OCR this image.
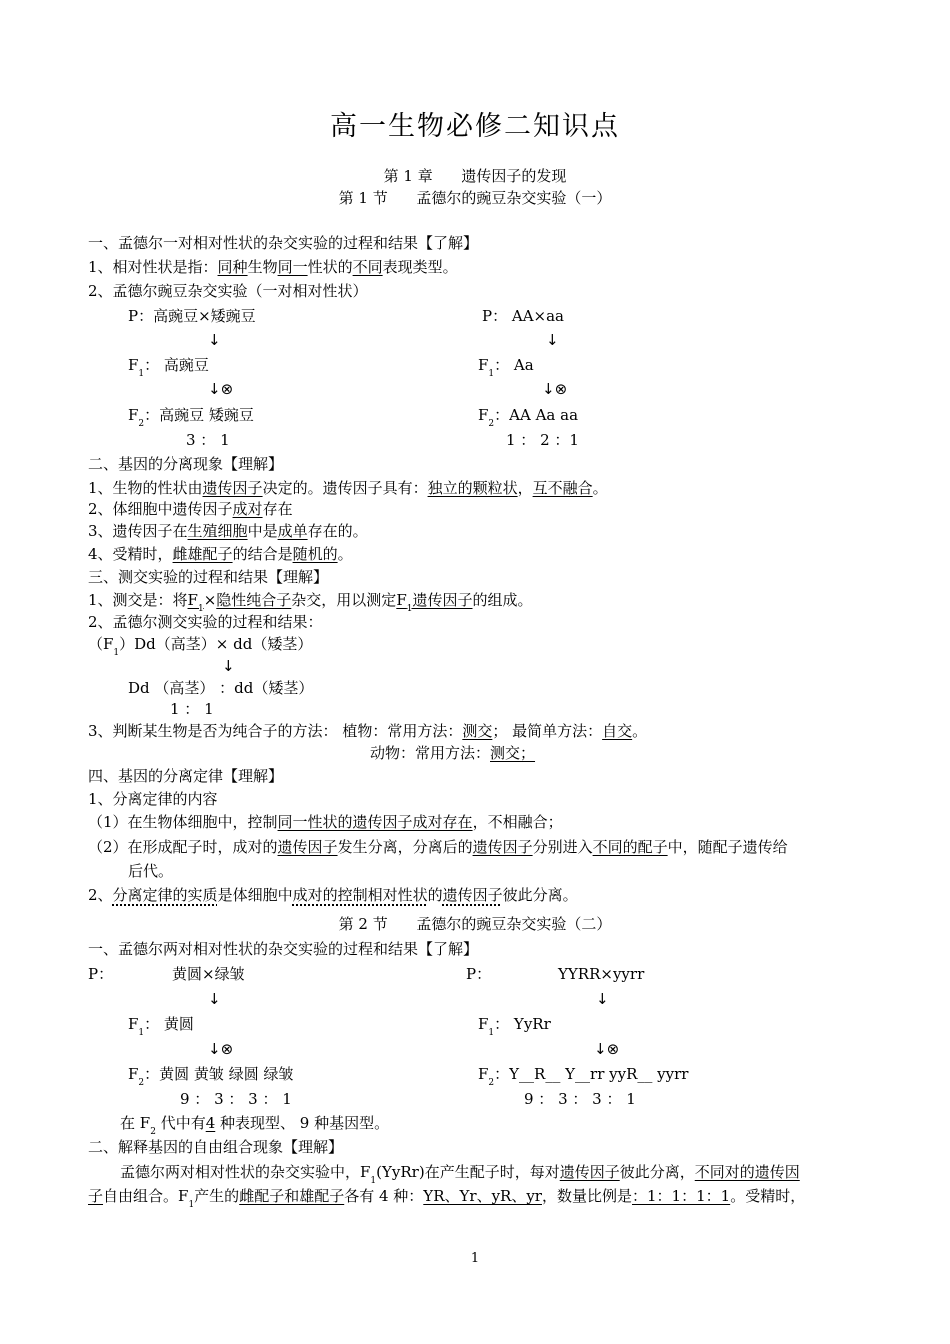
高一生物必修二知识点
第 1 章 遗传因子的发现
第 1 节 孟德尔的豌豆杂交实验（一）
一、孟德尔一对相对性状的杂交实验的过程和结果【了解】
1、相对性状是指：同种生物同一性状的不同表现类型。
2、孟德尔豌豆杂交实验（一对相对性状）
P：高豌豆×矮豌豆	P： AA×aa
↓	↓
$F_1$： 高豌豆	$F_1$： Aa
↓⊗	↓⊗
$F_2$：高豌豆 矮豌豆	$F_2$：AA Aa aa
3 ： 1	1 ： 2 ：1
二、基因的分离现象【理解】
1、生物的性状由遗传因子决定的。遗传因子具有：独立的颗粒状，互不融合。
2、体细胞中遗传因子成对存在
3、遗传因子在生殖细胞中是成单存在的。
4、受精时，雌雄配子的结合是随机的。
三、测交实验的过程和结果【理解】
1、测交是：将$F_1\times$隐性纯合子杂交，用以测定$F_1$遗传因子的组成。
2、孟德尔测交实验的过程和结果：
$(F_1)Dd$（高茎）× dd（矮茎）
↓
Dd （高茎） ：dd（矮茎）
1 ： 1
3、判断某生物是否为纯合子的方法： 植物：常用方法：测交； 最简单方法：自交。
动物：常用方法：测交；
四、基因的分离定律【理解】
1、分离定律的内容
（1）在生物体细胞中，控制同一性状的遗传因子成对存在，不相融合；
（2）在形成配子时，成对的遗传因子发生分离，分离后的遗传因子分别进入不同的配子中，随配子遗传给
后代。
2、分离定律的实质是体细胞中成对的控制相对性状的遗传因子彼此分离。
第 2 节 孟德尔的豌豆杂交实验（二）
一、孟德尔两对相对性状的杂交实验的过程和结果【了解】
P：	黄圆×绿皱	P：	YYRR×yyrr
↓	↓
$F_1$： 黄圆	$F_1$： YyRr
↓⊗	↓⊗
$F_2$：黄圆 黄皱 绿圆 绿皱	$F_2$：Y__R__ Y__rr yyR__ yyrr
9 ： 3 ： 3 ： 1	9 ： 3 ： 3 ： 1
在 $F_2$ 代中有4 种表现型、 9 种基因型。
二、解释基因的自由组合现象【理解】
孟德尔两对相对性状的杂交实验中，$F_1(YyRr)$在产生配子时，每对遗传因子彼此分离，不同对的遗传因
子自由组合。$F_1$产生的雌配子和雄配子各有 4 种：YR、Yr、yR、yr，数量比例是：1：1：1：1。受精时，
1
